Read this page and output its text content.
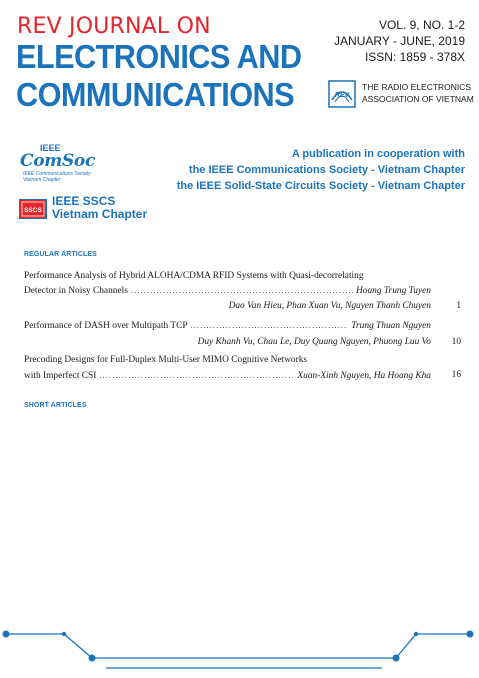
REV JOURNAL ON
ELECTRONICS AND
COMMUNICATIONS
VOL. 9, NO. 1-2
JANUARY - JUNE, 2019
ISSN: 1859 - 378X
REV
THE RADIO ELECTRONICS
ASSOCIATION OF VIETNAM
IEEE
ComSoc
IEEE Communications Society
Vietnam Chapter
SSCS
IEEE SSCS
Vietnam Chapter
A publication in cooperation with
the IEEE Communications Society - Vietnam Chapter
the IEEE Solid-State Circuits Society - Vietnam Chapter
REGULAR ARTICLES
Performance Analysis of Hybrid ALOHA/CDMA RFID Systems with Quasi-decorrelating
Detector in Noisy Channels .....	Hoang Trung Tuyen
Dao Van Hieu, Phan Xuan Vu, Nguyen Thanh Chuyen	1
Performance of DASH over Multipath TCP .....	Trung Thuan Nguyen
Duy Khanh Vu, Chau Le, Duy Quang Nguyen, Phuong Luu Vo 10
Precoding Designs for Full-Duplex Multi-User MIMO Cognitive Networks
with Imperfect CSI .....	Xuan-Xinh Nguyen, Ha Hoang Kha 16
SHORT ARTICLES
